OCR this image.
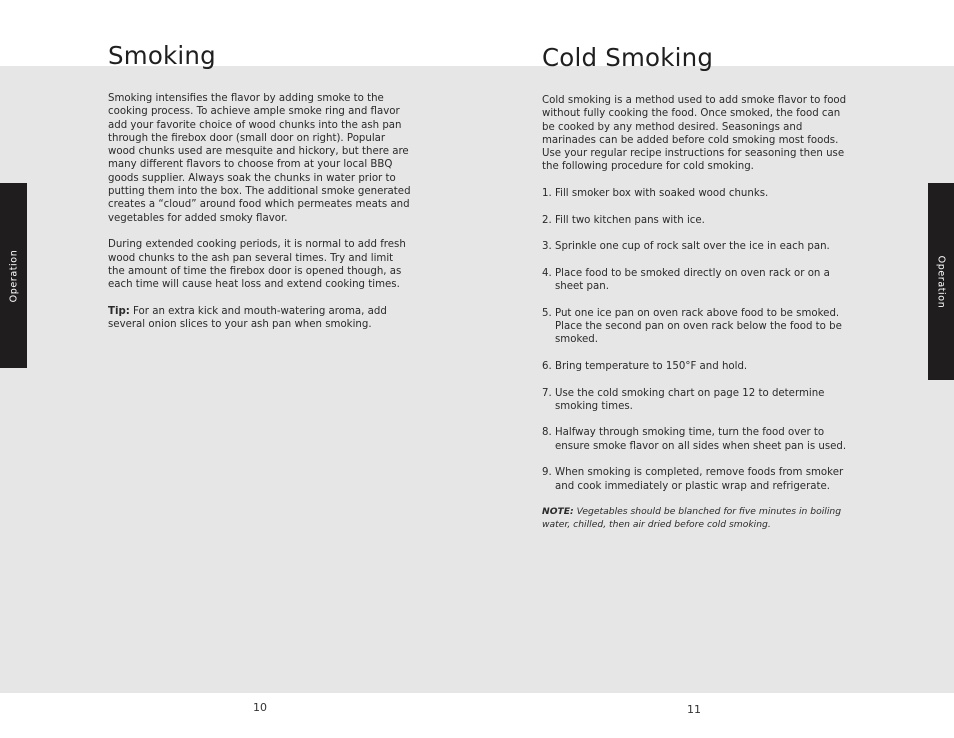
Operation	Operation
Smoking

Smoking intensifies the flavor by adding smoke to the cooking process. To achieve ample smoke ring and flavor add your favorite choice of wood chunks into the ash pan through the firebox door (small door on right). Popular wood chunks used are mesquite and hickory, but there are many different flavors to choose from at your local BBQ goods supplier. Always soak the chunks in water prior to putting them into the box. The additional smoke generated creates a “cloud” around food which permeates meats and vegetables for added smoky flavor.

During extended cooking periods, it is normal to add fresh wood chunks to the ash pan several times. Try and limit the amount of time the firebox door is opened though, as each time will cause heat loss and extend cooking times.

Tip: For an extra kick and mouth-watering aroma, add several onion slices to your ash pan when smoking.

Cold Smoking

Cold smoking is a method used to add smoke flavor to food without fully cooking the food. Once smoked, the food can be cooked by any method desired. Seasonings and marinades can be added before cold smoking most foods. Use your regular recipe instructions for seasoning then use the following procedure for cold smoking.

1. Fill smoker box with soaked wood chunks.
2. Fill two kitchen pans with ice.
3. Sprinkle one cup of rock salt over the ice in each pan.
4. Place food to be smoked directly on oven rack or on a sheet pan.
5. Put one ice pan on oven rack above food to be smoked. Place the second pan on oven rack below the food to be smoked.
6. Bring temperature to 150°F and hold.
7. Use the cold smoking chart on page 12 to determine smoking times.
8. Halfway through smoking time, turn the food over to ensure smoke flavor on all sides when sheet pan is used.
9. When smoking is completed, remove foods from smoker and cook immediately or plastic wrap and refrigerate.

NOTE: Vegetables should be blanched for five minutes in boiling water, chilled, then air dried before cold smoking.

10	11
